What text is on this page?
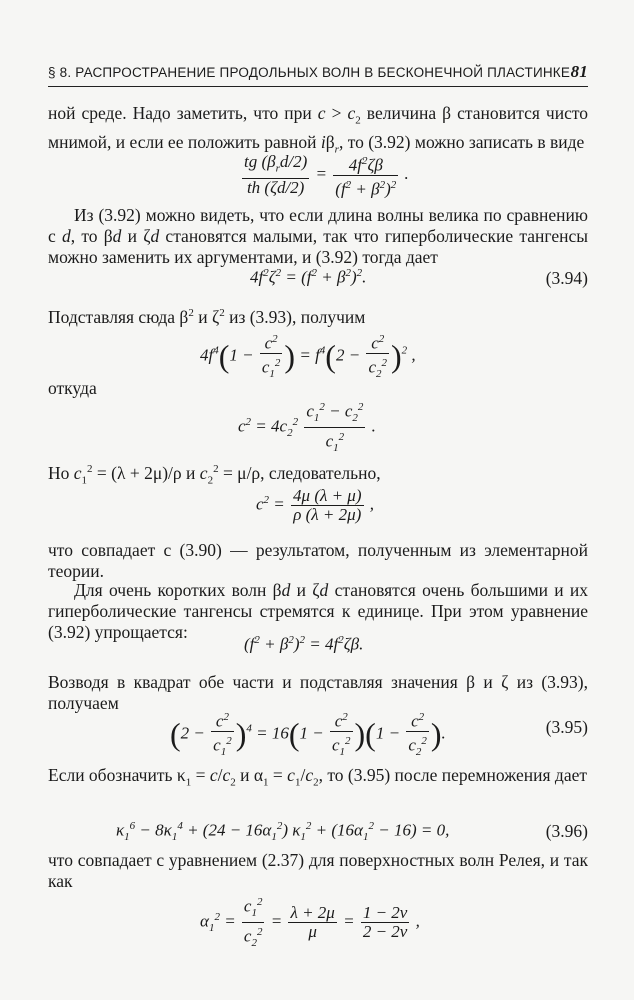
§ 8. РАСПРОСТРАНЕНИЕ ПРОДОЛЬНЫХ ВОЛН В БЕСКОНЕЧНОЙ ПЛАСТИНКЕ 81
ной среде. Надо заметить, что при $c > c_2$ величина β становится чисто мнимой, и если ее положить равной $i\beta_r$, то (3.92) можно записать в виде
$\frac{tg (\beta_rd/2)}{th (\zeta d/2)} = \frac{4f^2\zeta\beta}{(f^2 + \beta^2)^2}$ .
Из (3.92) можно видеть, что если длина волны велика по сравнению с d, то βd и ζd становятся малыми, так что гиперболические тангенсы можно заменить их аргументами, и (3.92) тогда дает
$4f^2\zeta^2 = (f^2 + \beta^2)^2$.	(3.94)
Подставляя сюда $\beta^2$ и $\zeta^2$ из (3.93), получим
$4f^4(1 - \frac{c^2}{c_1^2}$ ) = $f^4(2 - \frac{c^2}{c_2^2} )^2$ ,
откуда
$c^2 = 4c_2^2 \frac{c_1^2 - c_2^2}{c_1^2}$ .
Но $c_1^2 = (\lambda + 2\mu)/\rho$ и $c_2^2 = \mu/\rho$, следовательно,
$c^2 = \frac{4\mu (\lambda + \mu)}{\rho (\lambda + 2\mu)}$ ,
что совпадает с (3.90) — результатом, полученным из элементарной теории.
Для очень коротких волн βd и ζd становятся очень большими и их гиперболические тангенсы стремятся к единице. При этом уравнение (3.92) упрощается:
$(f^2 + \beta^2)^2 = 4f^2\zeta\beta$.
Возводя в квадрат обе части и подставляя значения β и ζ из (3.93), получаем
$(2 - \frac{c^2}{c_1^2} )^4 = 16(1 - \frac{c^2}{c_1^2} )(1 - \frac{c^2}{c_2^2}$ ).	(3.95)
Если обозначить $\kappa_1 = c/c_2$ и $\alpha_1 = c_1/c_2$, то (3.95) после перемножения дает
$\kappa_1^6 - 8\kappa_1^4 + (24 - 16\alpha_1^2) \kappa_1^2 + (16\alpha_1^2 - 16) = 0$,	(3.96)
что совпадает с уравнением (2.37) для поверхностных волн Релея, и так как
$\alpha_1^2 = \frac{c_1^2}{c_2^2} = \frac{\lambda + 2\mu}{\mu} = \frac{1 - 2\nu}{2 - 2\nu}$ ,
